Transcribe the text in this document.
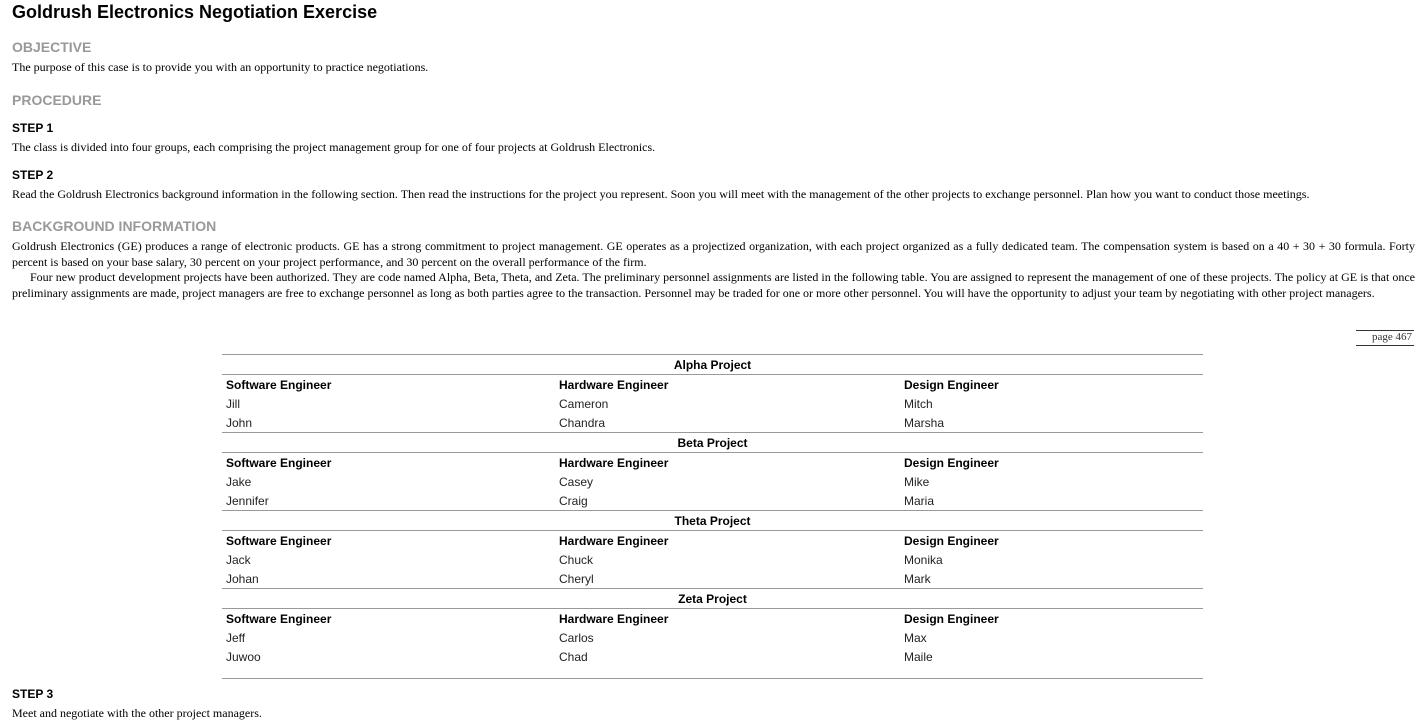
Goldrush Electronics Negotiation Exercise
OBJECTIVE

The purpose of this case is to provide you with an opportunity to practice negotiations.

PROCEDURE
STEP 1

The class is divided into four groups, each comprising the project management group for one of four projects at Goldrush Electronics.

STEP 2

Read the Goldrush Electronics background information in the following section. Then read the instructions for the project you represent. Soon you will meet with the management of the other projects to exchange personnel. Plan how you want to conduct those meetings.

BACKGROUND INFORMATION

Goldrush Electronics (GE) produces a range of electronic products. GE has a strong commitment to project management. GE operates as a projectized organization, with each project organized as a fully dedicated team. The compensation system is based on a 40 + 30 + 30 formula. Forty percent is based on your base salary, 30 percent on your project performance, and 30 percent on the overall performance of the firm.

Four new product development projects have been authorized. They are code named Alpha, Beta, Theta, and Zeta. The preliminary personnel assignments are listed in the following table. You are assigned to represent the management of one of these projects. The policy at GE is that once preliminary assignments are made, project managers are free to exchange personnel as long as both parties agree to the transaction. Personnel may be traded for one or more other personnel. You will have the opportunity to adjust your team by negotiating with other project managers.

page 467
Alpha Project		
Software Engineer	Hardware Engineer	Design Engineer
Jill	Cameron	Mitch
John	Chandra	Marsha
Beta Project		
Software Engineer	Hardware Engineer	Design Engineer
Jake	Casey	Mike
Jennifer	Craig	Maria
Theta Project		
Software Engineer	Hardware Engineer	Design Engineer
Jack	Chuck	Monika
Johan	Cheryl	Mark
Zeta Project		
Software Engineer	Hardware Engineer	Design Engineer
Jeff	Carlos	Max
Juwoo	Chad	Maile

STEP 3

Meet and negotiate with the other project managers.
